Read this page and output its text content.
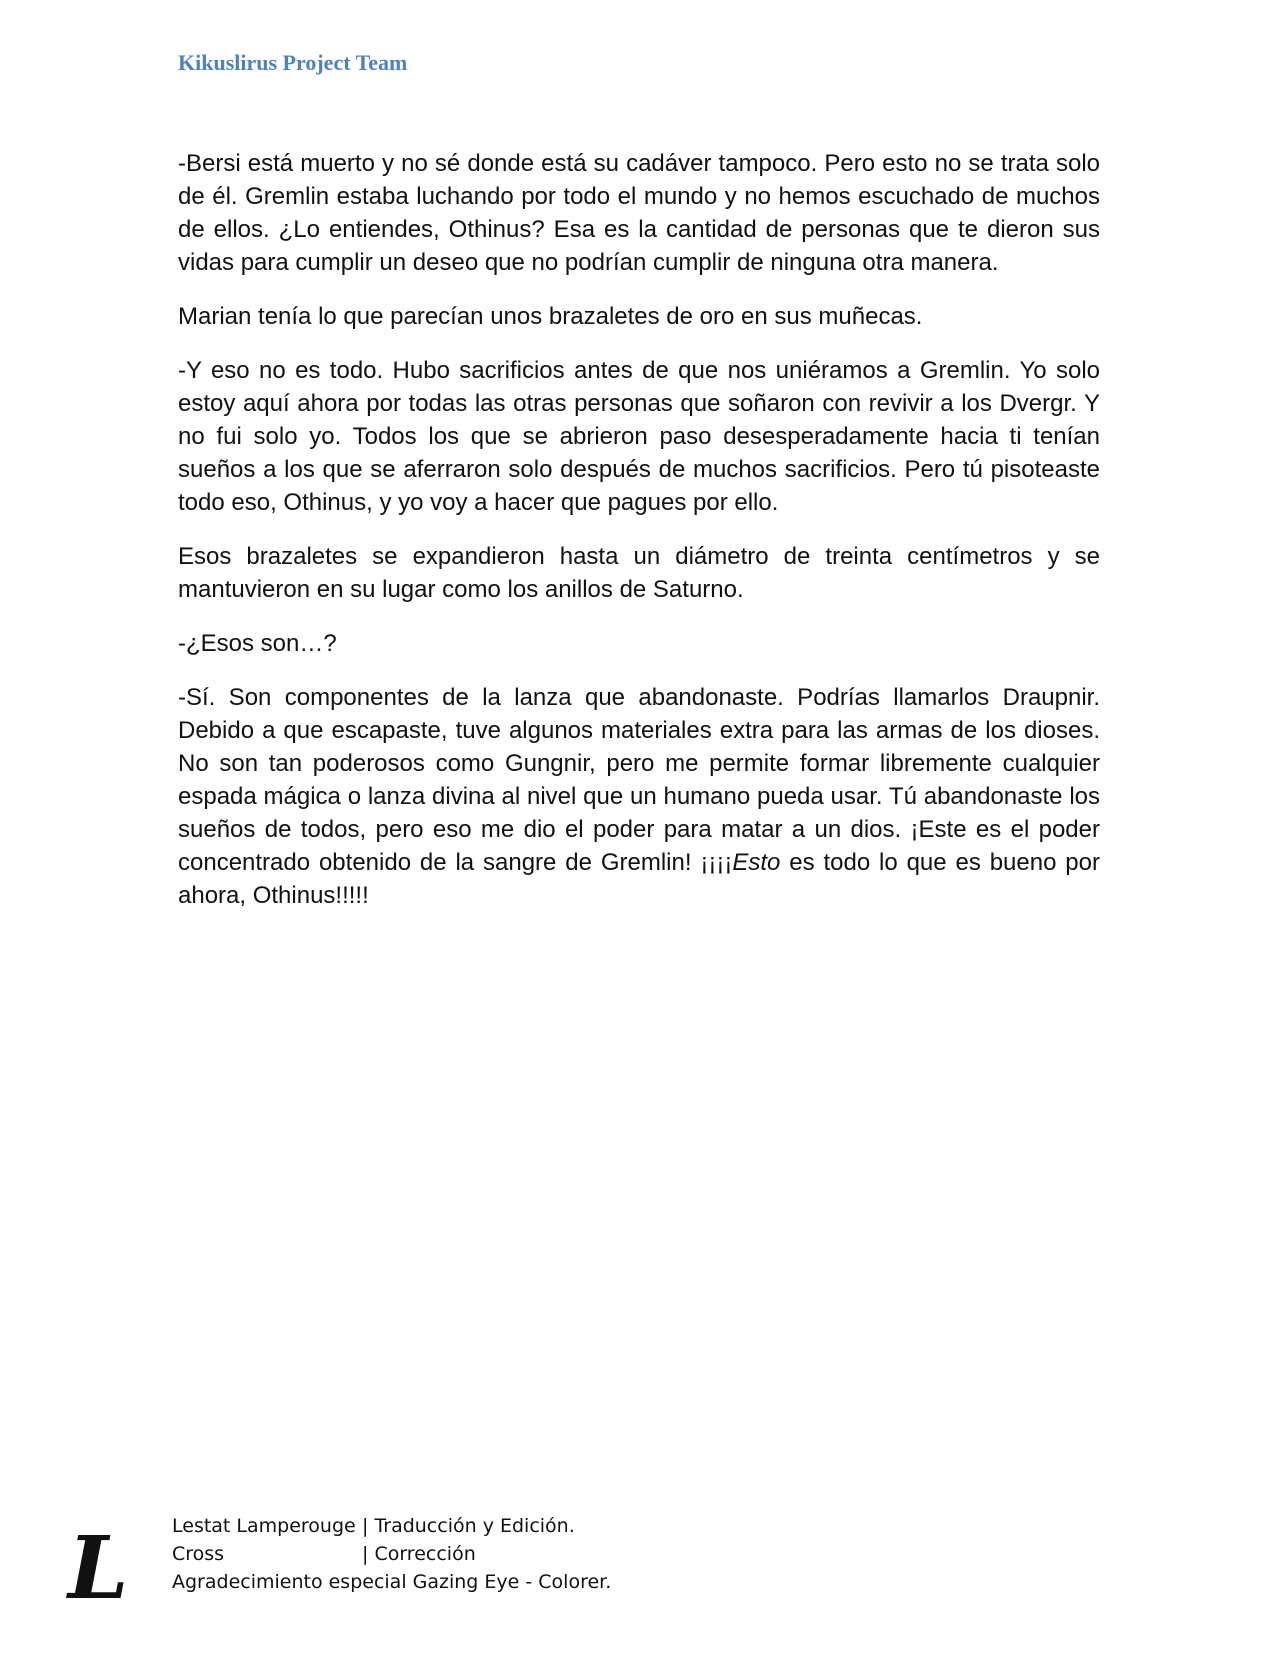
Kikuslirus Project Team

-Bersi está muerto y no sé donde está su cadáver tampoco. Pero esto no se trata solo de él. Gremlin estaba luchando por todo el mundo y no hemos escuchado de muchos de ellos. ¿Lo entiendes, Othinus? Esa es la cantidad de personas que te dieron sus vidas para cumplir un deseo que no podrían cumplir de ninguna otra manera.

Marian tenía lo que parecían unos brazaletes de oro en sus muñecas.

-Y eso no es todo. Hubo sacrificios antes de que nos uniéramos a Gremlin. Yo solo estoy aquí ahora por todas las otras personas que soñaron con revivir a los Dvergr. Y no fui solo yo. Todos los que se abrieron paso desesperadamente hacia ti tenían sueños a los que se aferraron solo después de muchos sacrificios. Pero tú pisoteaste todo eso, Othinus, y yo voy a hacer que pagues por ello.

Esos brazaletes se expandieron hasta un diámetro de treinta centímetros y se mantuvieron en su lugar como los anillos de Saturno.

-¿Esos son…?

-Sí. Son componentes de la lanza que abandonaste. Podrías llamarlos Draupnir. Debido a que escapaste, tuve algunos materiales extra para las armas de los dioses. No son tan poderosos como Gungnir, pero me permite formar libremente cualquier espada mágica o lanza divina al nivel que un humano pueda usar. Tú abandonaste los sueños de todos, pero eso me dio el poder para matar a un dios. ¡Este es el poder concentrado obtenido de la sangre de Gremlin! ¡¡¡¡Esto es todo lo que es bueno por ahora, Othinus!!!!!

L Lestat Lamperouge | Traducción y Edición.
Cross	| Corrección
Agradecimiento especial Gazing Eye - Colorer.
